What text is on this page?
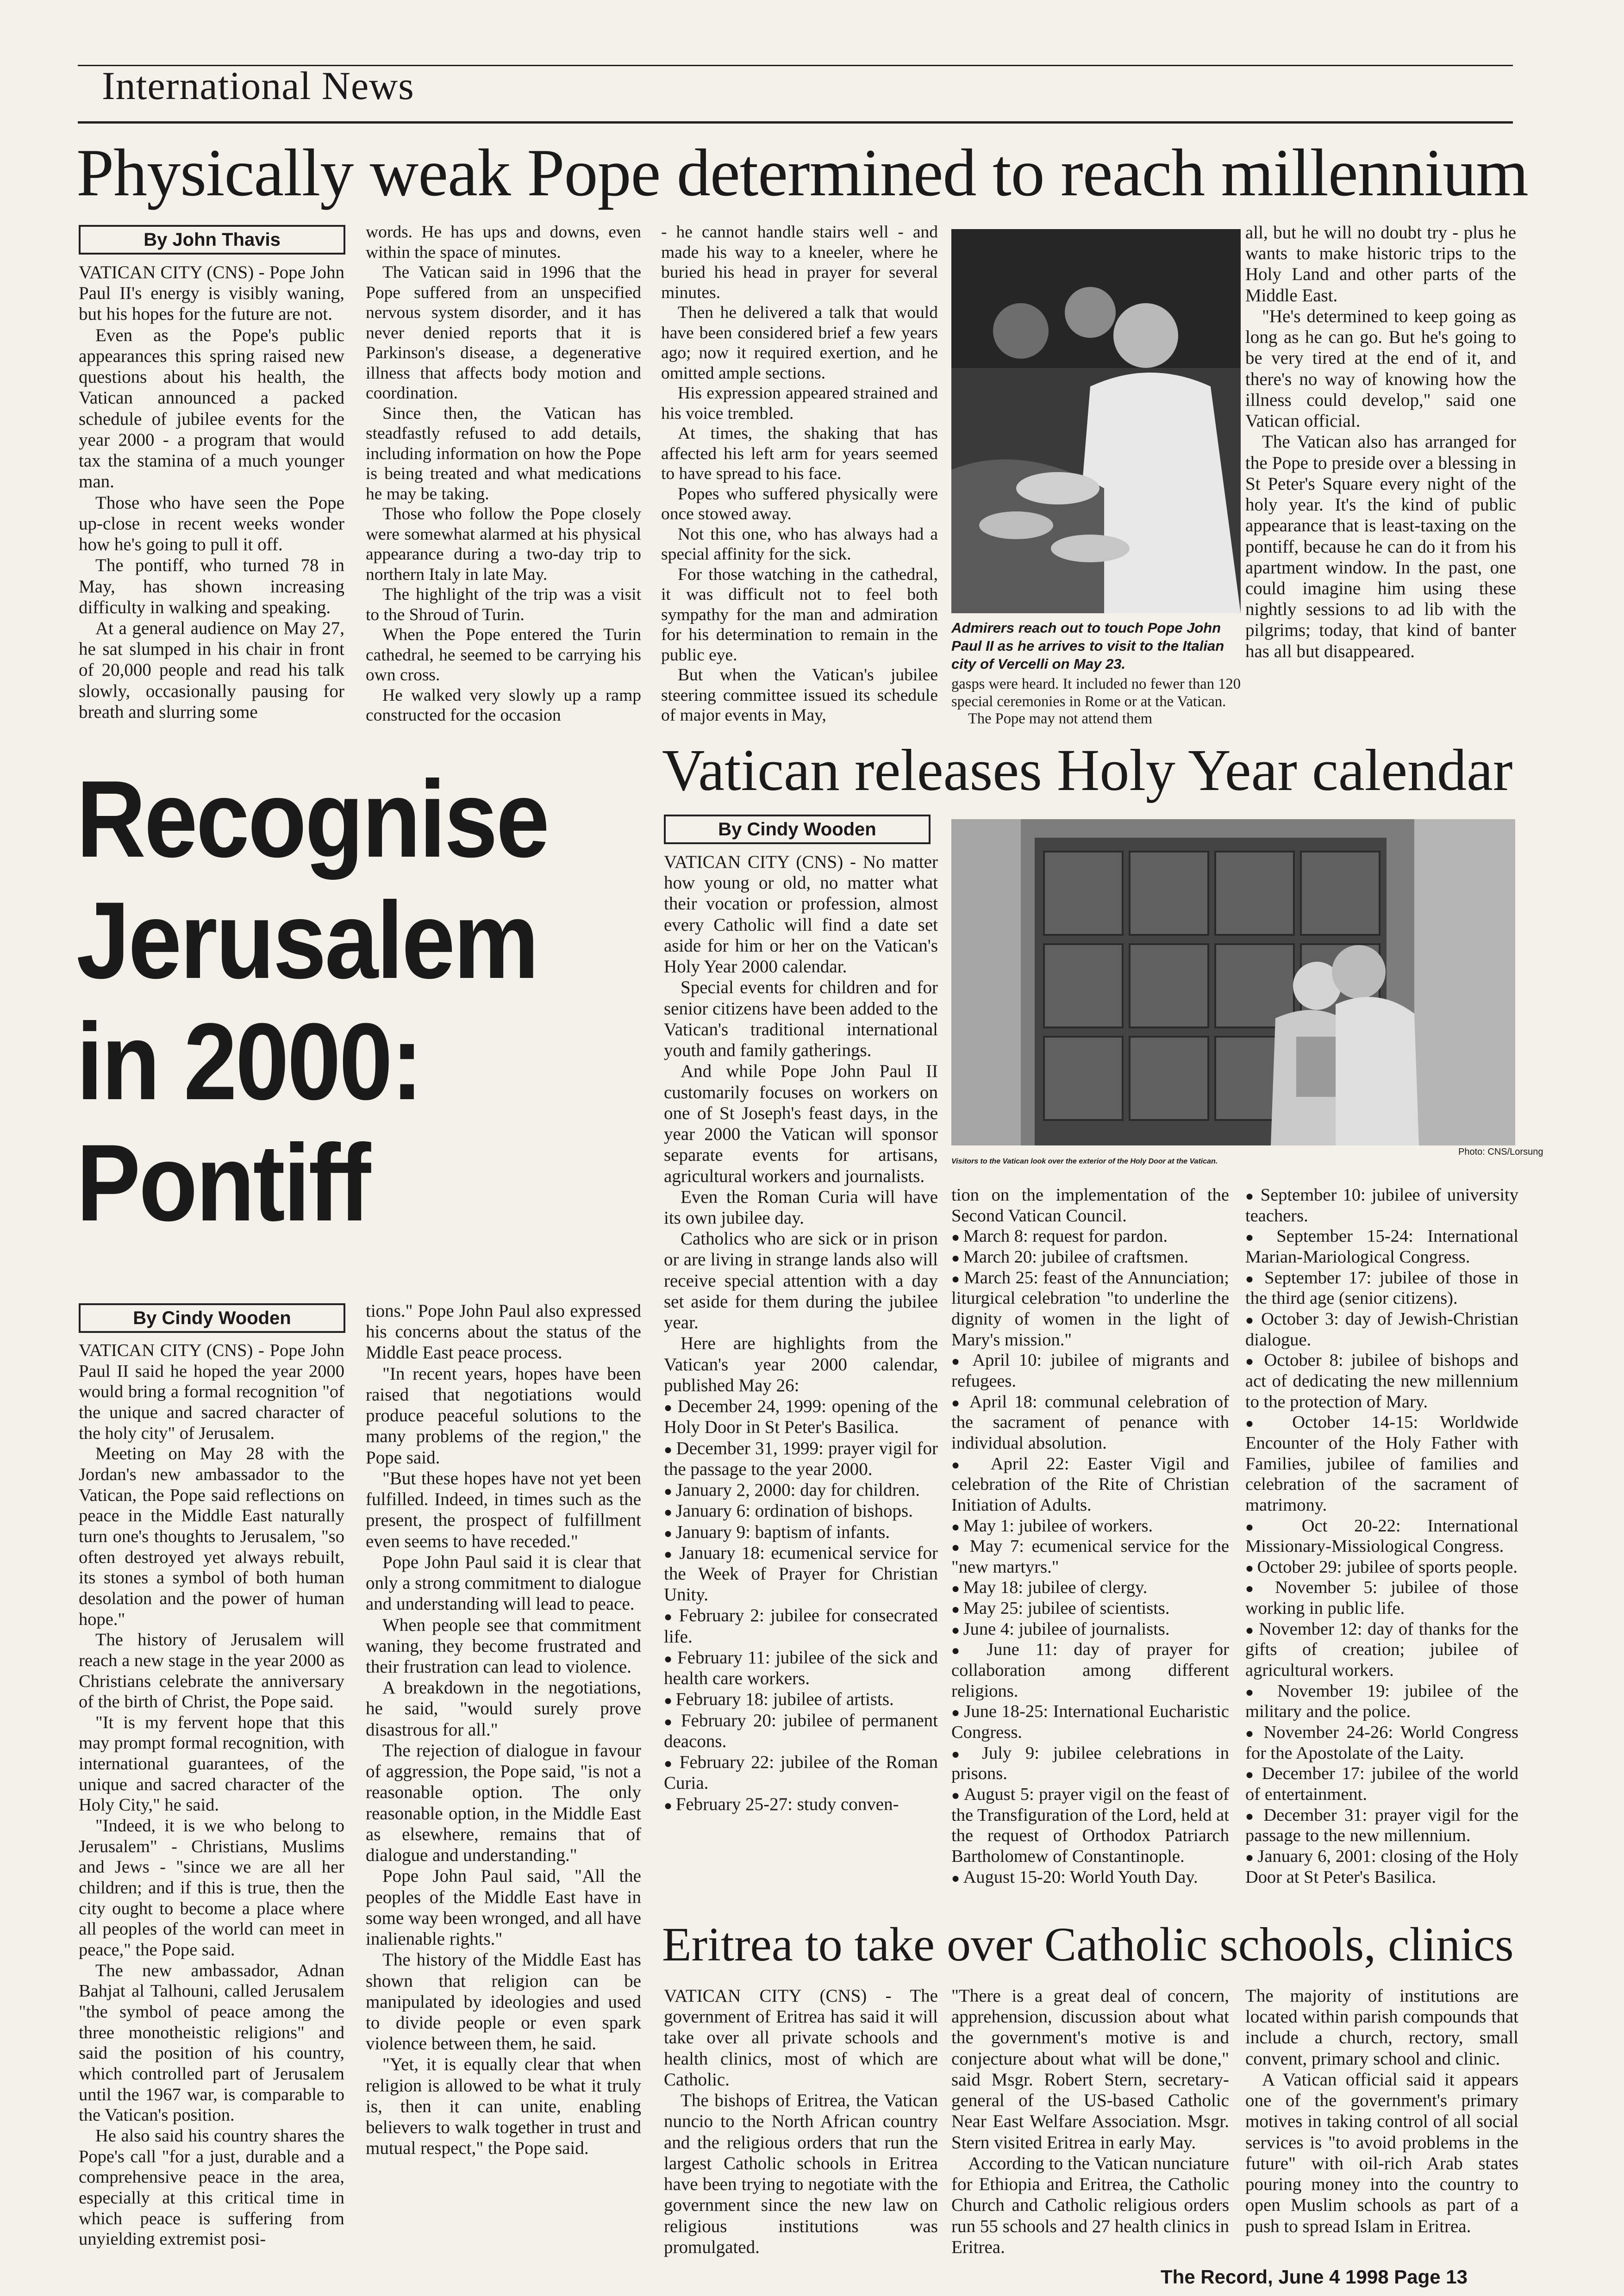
International News
Physically weak Pope determined to reach millennium
By John Thavis

VATICAN CITY (CNS) - Pope John Paul II's energy is visibly waning, but his hopes for the future are not.

Even as the Pope's public appearances this spring raised new questions about his health, the Vatican announced a packed schedule of jubilee events for the year 2000 - a program that would tax the stamina of a much younger man.

Those who have seen the Pope up-close in recent weeks wonder how he's going to pull it off.

The pontiff, who turned 78 in May, has shown increasing difficulty in walking and speaking.

At a general audience on May 27, he sat slumped in his chair in front of 20,000 people and read his talk slowly, occasionally pausing for breath and slurring some

words. He has ups and downs, even within the space of minutes.

The Vatican said in 1996 that the Pope suffered from an unspecified nervous system disorder, and it has never denied reports that it is Parkinson's disease, a degenerative illness that affects body motion and coordination.

Since then, the Vatican has steadfastly refused to add details, including information on how the Pope is being treated and what medications he may be taking.

Those who follow the Pope closely were somewhat alarmed at his physical appearance during a two-day trip to northern Italy in late May.

The highlight of the trip was a visit to the Shroud of Turin.

When the Pope entered the Turin cathedral, he seemed to be carrying his own cross.

He walked very slowly up a ramp constructed for the occasion

- he cannot handle stairs well - and made his way to a kneeler, where he buried his head in prayer for several minutes.

Then he delivered a talk that would have been considered brief a few years ago; now it required exertion, and he omitted ample sections.

His expression appeared strained and his voice trembled.

At times, the shaking that has affected his left arm for years seemed to have spread to his face.

Popes who suffered physically were once stowed away.

Not this one, who has always had a special affinity for the sick.

For those watching in the cathedral, it was difficult not to feel both sympathy for the man and admiration for his determination to remain in the public eye.

But when the Vatican's jubilee steering committee issued its schedule of major events in May,

Admirers reach out to touch Pope John Paul II as he arrives to visit to the Italian city of Vercelli on May 23.

gasps were heard. It included no fewer than 120 special ceremonies in Rome or at the Vatican.

The Pope may not attend them

all, but he will no doubt try - plus he wants to make historic trips to the Holy Land and other parts of the Middle East.

"He's determined to keep going as long as he can go. But he's going to be very tired at the end of it, and there's no way of knowing how the illness could develop," said one Vatican official.

The Vatican also has arranged for the Pope to preside over a blessing in St Peter's Square every night of the holy year. It's the kind of public appearance that is least-taxing on the pontiff, because he can do it from his apartment window. In the past, one could imagine him using these nightly sessions to ad lib with the pilgrims; today, that kind of banter has all but disappeared.

Recognise
Jerusalem
in 2000:
Pontiff
By Cindy Wooden

VATICAN CITY (CNS) - Pope John Paul II said he hoped the year 2000 would bring a formal recognition "of the unique and sacred character of the holy city" of Jerusalem.

Meeting on May 28 with the Jordan's new ambassador to the Vatican, the Pope said reflections on peace in the Middle East naturally turn one's thoughts to Jerusalem, "so often destroyed yet always rebuilt, its stones a symbol of both human desolation and the power of human hope."

The history of Jerusalem will reach a new stage in the year 2000 as Christians celebrate the anniversary of the birth of Christ, the Pope said.

"It is my fervent hope that this may prompt formal recognition, with international guarantees, of the unique and sacred character of the Holy City," he said.

"Indeed, it is we who belong to Jerusalem" - Christians, Muslims and Jews - "since we are all her children; and if this is true, then the city ought to become a place where all peoples of the world can meet in peace," the Pope said.

The new ambassador, Adnan Bahjat al Talhouni, called Jerusalem "the symbol of peace among the three monotheistic religions" and said the position of his country, which controlled part of Jerusalem until the 1967 war, is comparable to the Vatican's position.

He also said his country shares the Pope's call "for a just, durable and a comprehensive peace in the area, especially at this critical time in which peace is suffering from unyielding extremist posi-

tions." Pope John Paul also expressed his concerns about the status of the Middle East peace process.

"In recent years, hopes have been raised that negotiations would produce peaceful solutions to the many problems of the region," the Pope said.

"But these hopes have not yet been fulfilled. Indeed, in times such as the present, the prospect of fulfillment even seems to have receded."

Pope John Paul said it is clear that only a strong commitment to dialogue and understanding will lead to peace.

When people see that commitment waning, they become frustrated and their frustration can lead to violence.

A breakdown in the negotiations, he said, "would surely prove disastrous for all."

The rejection of dialogue in favour of aggression, the Pope said, "is not a reasonable option. The only reasonable option, in the Middle East as elsewhere, remains that of dialogue and understanding."

Pope John Paul said, "All the peoples of the Middle East have in some way been wronged, and all have inalienable rights."

The history of the Middle East has shown that religion can be manipulated by ideologies and used to divide people or even spark violence between them, he said.

"Yet, it is equally clear that when religion is allowed to be what it truly is, then it can unite, enabling believers to walk together in trust and mutual respect," the Pope said.

Vatican releases Holy Year calendar
By Cindy Wooden

VATICAN CITY (CNS) - No matter how young or old, no matter what their vocation or profession, almost every Catholic will find a date set aside for him or her on the Vatican's Holy Year 2000 calendar.

Special events for children and for senior citizens have been added to the Vatican's traditional international youth and family gatherings.

And while Pope John Paul II customarily focuses on workers on one of St Joseph's feast days, in the year 2000 the Vatican will sponsor separate events for artisans, agricultural workers and journalists.

Even the Roman Curia will have its own jubilee day.

Catholics who are sick or in prison or are living in strange lands also will receive special attention with a day set aside for them during the jubilee year.

Here are highlights from the Vatican's year 2000 calendar, published May 26:

● December 24, 1999: opening of the Holy Door in St Peter's Basilica.

● December 31, 1999: prayer vigil for the passage to the year 2000.

● January 2, 2000: day for children.

● January 6: ordination of bishops.

● January 9: baptism of infants.

● January 18: ecumenical service for the Week of Prayer for Christian Unity.

● February 2: jubilee for consecrated life.

● February 11: jubilee of the sick and health care workers.

● February 18: jubilee of artists.

● February 20: jubilee of permanent deacons.

● February 22: jubilee of the Roman Curia.

● February 25-27: study conven-

Photo: CNS/Lorsung
Visitors to the Vatican look over the exterior of the Holy Door at the Vatican.

tion on the implementation of the Second Vatican Council.

● March 8: request for pardon.

● March 20: jubilee of craftsmen.

● March 25: feast of the Annunciation; liturgical celebration "to underline the dignity of women in the light of Mary's mission."

● April 10: jubilee of migrants and refugees.

● April 18: communal celebration of the sacrament of penance with individual absolution.

● April 22: Easter Vigil and celebration of the Rite of Christian Initiation of Adults.

● May 1: jubilee of workers.

● May 7: ecumenical service for the "new martyrs."

● May 18: jubilee of clergy.

● May 25: jubilee of scientists.

● June 4: jubilee of journalists.

● June 11: day of prayer for collaboration among different religions.

● June 18-25: International Eucharistic Congress.

● July 9: jubilee celebrations in prisons.

● August 5: prayer vigil on the feast of the Transfiguration of the Lord, held at the request of Orthodox Patriarch Bartholomew of Constantinople.

● August 15-20: World Youth Day.

● September 10: jubilee of university teachers.

● September 15-24: International Marian-Mariological Congress.

● September 17: jubilee of those in the third age (senior citizens).

● October 3: day of Jewish-Christian dialogue.

● October 8: jubilee of bishops and act of dedicating the new millennium to the protection of Mary.

● October 14-15: Worldwide Encounter of the Holy Father with Families, jubilee of families and celebration of the sacrament of matrimony.

● Oct 20-22: International Missionary-Missiological Congress.

● October 29: jubilee of sports people.

● November 5: jubilee of those working in public life.

● November 12: day of thanks for the gifts of creation; jubilee of agricultural workers.

● November 19: jubilee of the military and the police.

● November 24-26: World Congress for the Apostolate of the Laity.

● December 17: jubilee of the world of entertainment.

● December 31: prayer vigil for the passage to the new millennium.

● January 6, 2001: closing of the Holy Door at St Peter's Basilica.

Eritrea to take over Catholic schools, clinics

VATICAN CITY (CNS) - The government of Eritrea has said it will take over all private schools and health clinics, most of which are Catholic.

The bishops of Eritrea, the Vatican nuncio to the North African country and the religious orders that run the largest Catholic schools in Eritrea have been trying to negotiate with the government since the new law on religious institutions was promulgated.

"There is a great deal of concern, apprehension, discussion about what the government's motive is and conjecture about what will be done," said Msgr. Robert Stern, secretary-general of the US-based Catholic Near East Welfare Association. Msgr. Stern visited Eritrea in early May.

According to the Vatican nunciature for Ethiopia and Eritrea, the Catholic Church and Catholic religious orders run 55 schools and 27 health clinics in Eritrea.

The majority of institutions are located within parish compounds that include a church, rectory, small convent, primary school and clinic.

A Vatican official said it appears one of the government's primary motives in taking control of all social services is "to avoid problems in the future" with oil-rich Arab states pouring money into the country to open Muslim schools as part of a push to spread Islam in Eritrea.

The Record, June 4 1998 Page 13
